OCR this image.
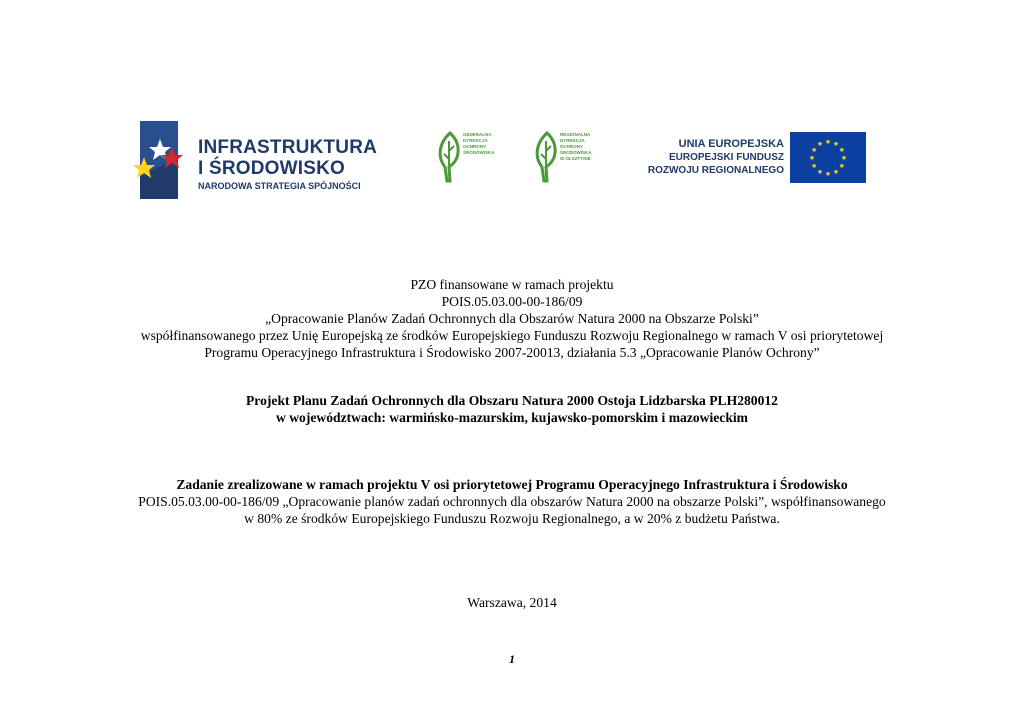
INFRASTRUKTURA
I ŚRODOWISKO
NARODOWA STRATEGIA SPÓJNOŚCI
GENERALNA
DYREKCJA
OCHRONY
ŚRODOWISKA
REGIONALNA
DYREKCJA
OCHRONY
ŚRODOWISKA
W OLSZTYNIE
UNIA EUROPEJSKA
EUROPEJSKI FUNDUSZ
ROZWOJU REGIONALNEGO
★ ★
★
★
★
★
★
★
★
★
★
★
PZO finansowane w ramach projektu
POIS.05.03.00-00-186/09
„Opracowanie Planów Zadań Ochronnych dla Obszarów Natura 2000 na Obszarze Polski”
współfinansowanego przez Unię Europejską ze środków Europejskiego Funduszu Rozwoju Regionalnego w ramach V osi priorytetowej
Programu Operacyjnego Infrastruktura i Środowisko 2007-20013, działania 5.3 „Opracowanie Planów Ochrony”
Projekt Planu Zadań Ochronnych dla Obszaru Natura 2000 Ostoja Lidzbarska PLH280012
w województwach: warmińsko-mazurskim, kujawsko-pomorskim i mazowieckim
Zadanie zrealizowane w ramach projektu V osi priorytetowej Programu Operacyjnego Infrastruktura i Środowisko
POIS.05.03.00-00-186/09 „Opracowanie planów zadań ochronnych dla obszarów Natura 2000 na obszarze Polski”, współfinansowanego
w 80% ze środków Europejskiego Funduszu Rozwoju Regionalnego, a w 20% z budżetu Państwa.
Warszawa, 2014
1
